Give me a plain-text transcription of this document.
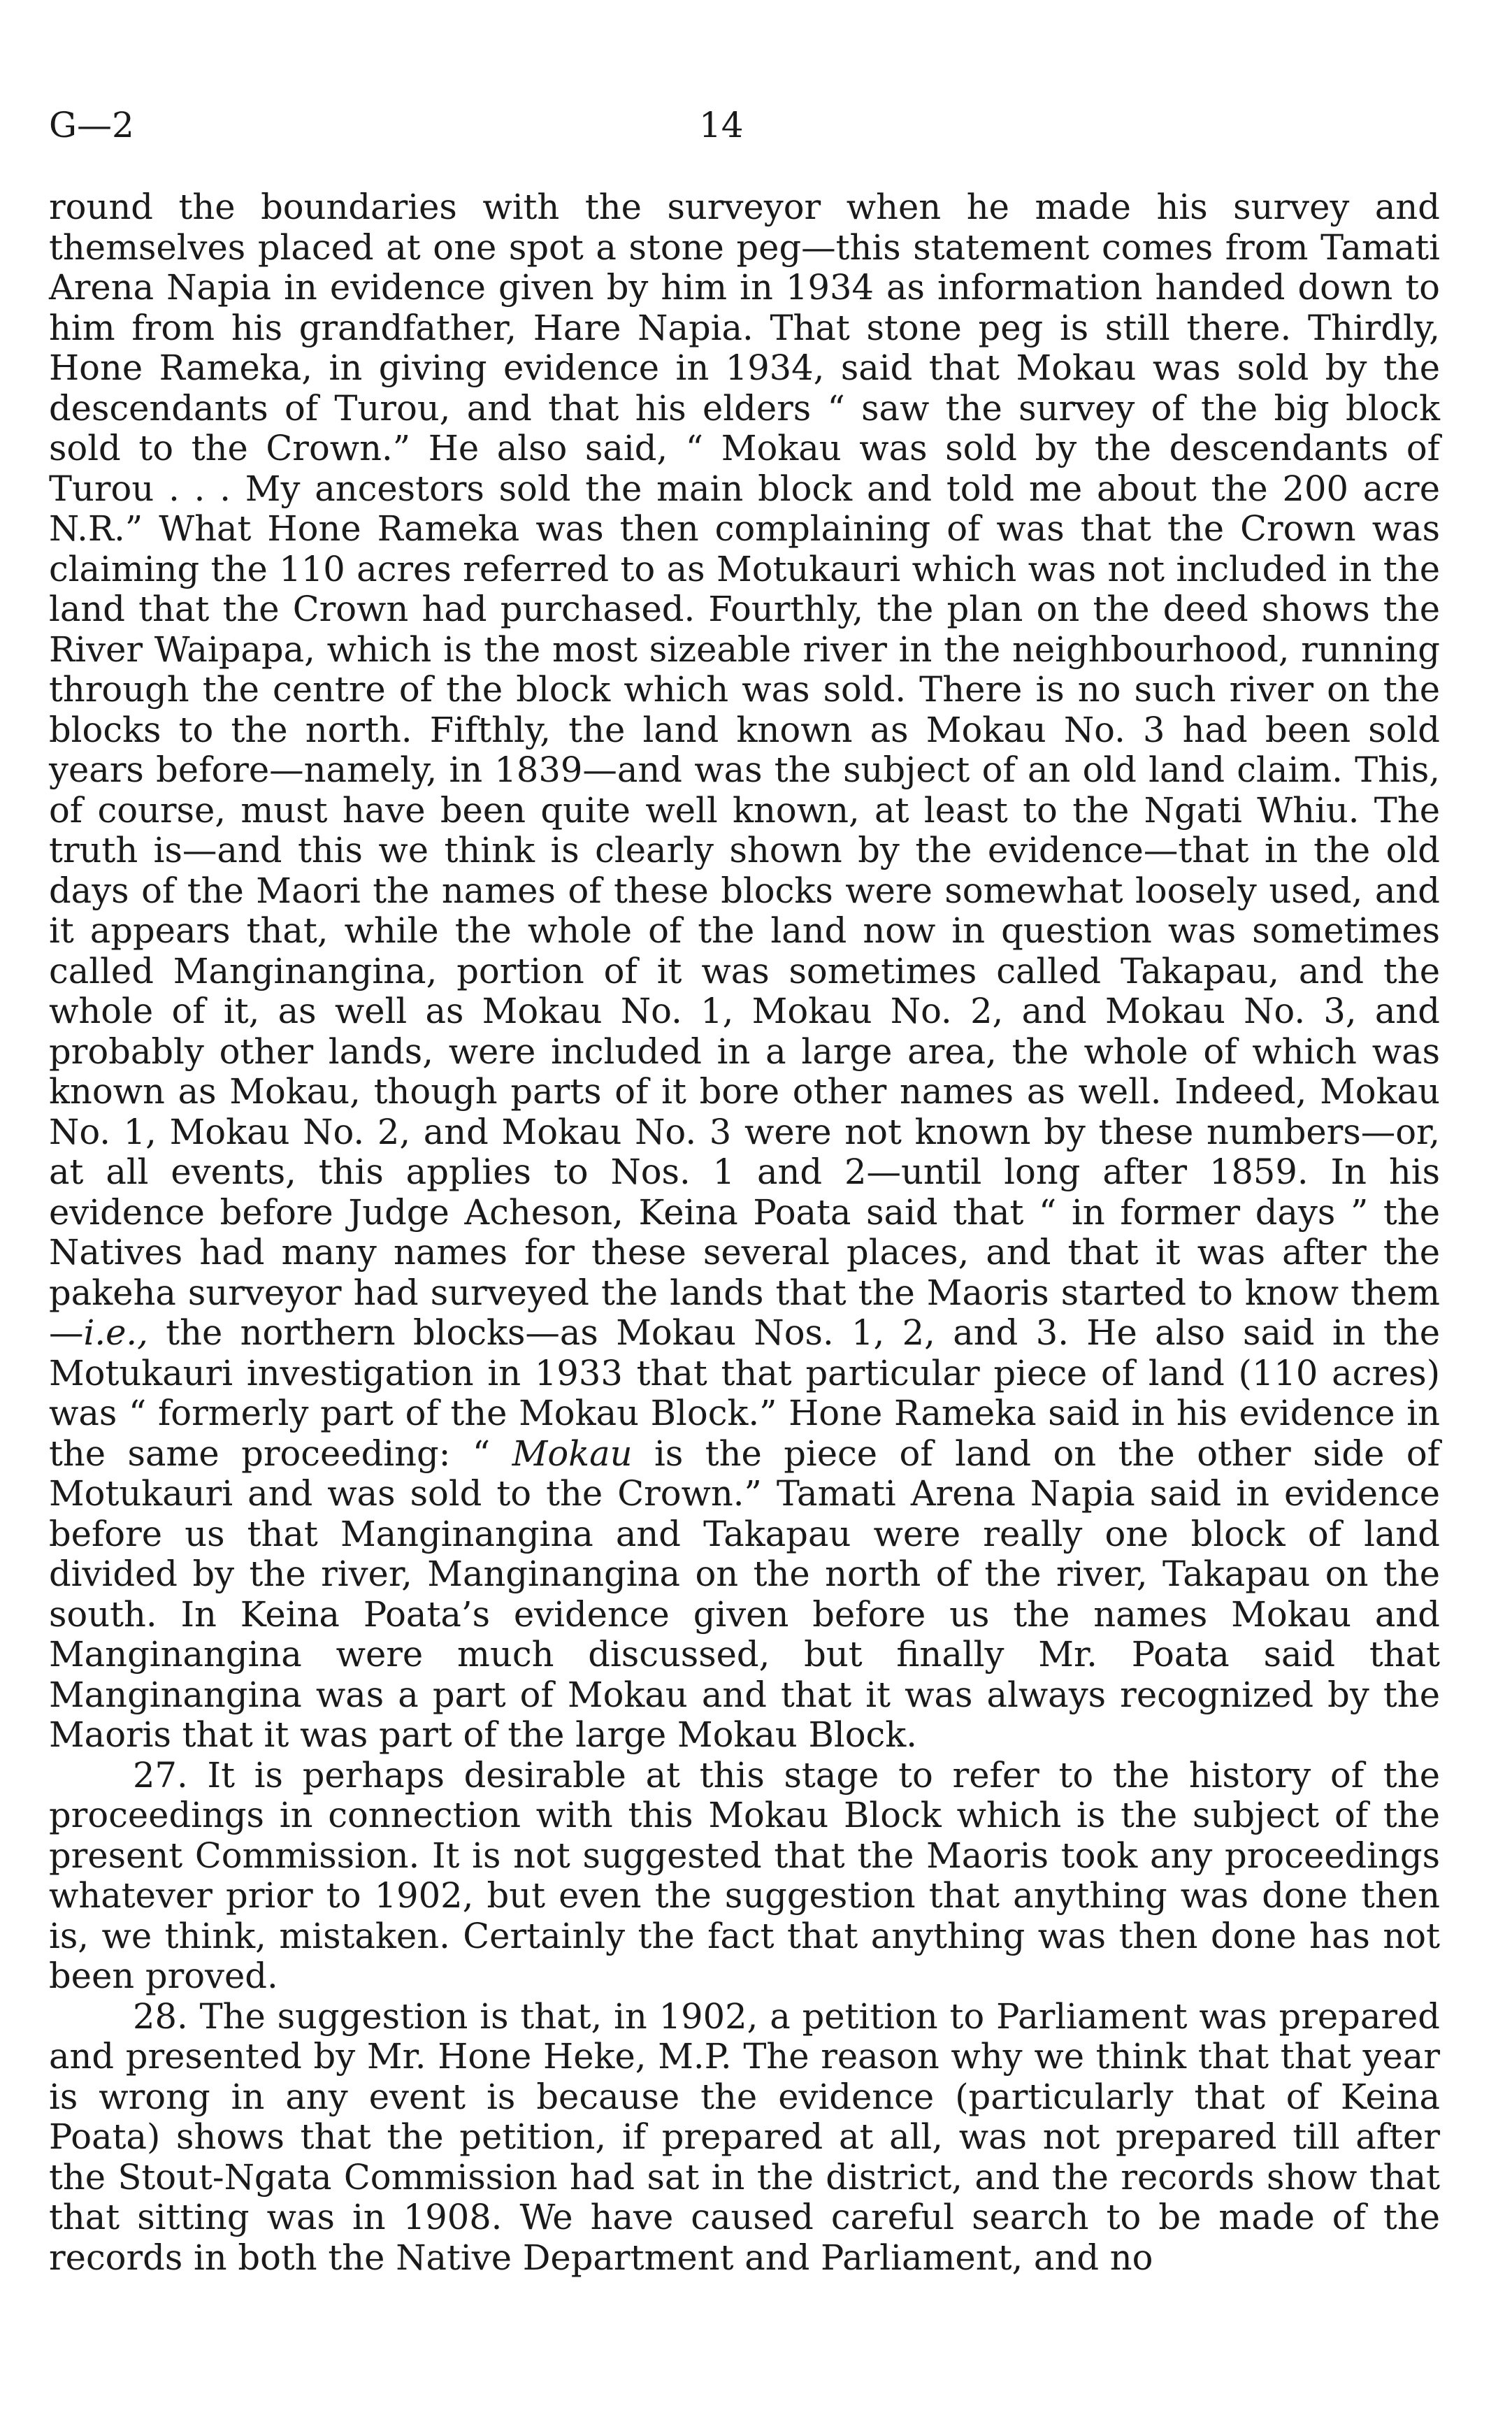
G—2	14

round the boundaries with the surveyor when he made his survey and themselves placed at one spot a stone peg—this statement comes from Tamati Arena Napia in evidence given by him in 1934 as information handed down to him from his grandfather, Hare Napia. That stone peg is still there. Thirdly, Hone Rameka, in giving evidence in 1934, said that Mokau was sold by the descendants of Turou, and that his elders “ saw the survey of the big block sold to the Crown.” He also said, “ Mokau was sold by the descendants of Turou . . . My ancestors sold the main block and told me about the 200 acre N.R.” What Hone Rameka was then complaining of was that the Crown was claiming the 110 acres referred to as Motukauri which was not included in the land that the Crown had purchased. Fourthly, the plan on the deed shows the River Waipapa, which is the most sizeable river in the neighbourhood, running through the centre of the block which was sold. There is no such river on the blocks to the north. Fifthly, the land known as Mokau No. 3 had been sold years before—namely, in 1839—and was the subject of an old land claim. This, of course, must have been quite well known, at least to the Ngati Whiu. The truth is—and this we think is clearly shown by the evidence—that in the old days of the Maori the names of these blocks were somewhat loosely used, and it appears that, while the whole of the land now in question was sometimes called Manginangina, portion of it was sometimes called Takapau, and the whole of it, as well as Mokau No. 1, Mokau No. 2, and Mokau No. 3, and probably other lands, were included in a large area, the whole of which was known as Mokau, though parts of it bore other names as well. Indeed, Mokau No. 1, Mokau No. 2, and Mokau No. 3 were not known by these numbers—or, at all events, this applies to Nos. 1 and 2—until long after 1859. In his evidence before Judge Acheson, Keina Poata said that “ in former days ” the Natives had many names for these several places, and that it was after the pakeha surveyor had surveyed the lands that the Maoris started to know them—i.e., the northern blocks—as Mokau Nos. 1, 2, and 3. He also said in the Motukauri investigation in 1933 that that particular piece of land (110 acres) was “ formerly part of the Mokau Block.” Hone Rameka said in his evidence in the same proceeding: “ Mokau is the piece of land on the other side of Motukauri and was sold to the Crown.” Tamati Arena Napia said in evidence before us that Manginangina and Takapau were really one block of land divided by the river, Manginangina on the north of the river, Takapau on the south. In Keina Poata’s evidence given before us the names Mokau and Manginangina were much discussed, but finally Mr. Poata said that Manginangina was a part of Mokau and that it was always recognized by the Maoris that it was part of the large Mokau Block.

27. It is perhaps desirable at this stage to refer to the history of the proceedings in connection with this Mokau Block which is the subject of the present Commission. It is not suggested that the Maoris took any proceedings whatever prior to 1902, but even the suggestion that anything was done then is, we think, mistaken. Certainly the fact that anything was then done has not been proved.

28. The suggestion is that, in 1902, a petition to Parliament was prepared and presented by Mr. Hone Heke, M.P. The reason why we think that that year is wrong in any event is because the evidence (particularly that of Keina Poata) shows that the petition, if prepared at all, was not prepared till after the Stout-Ngata Commission had sat in the district, and the records show that that sitting was in 1908. We have caused careful search to be made of the records in both the Native Department and Parliament, and no
